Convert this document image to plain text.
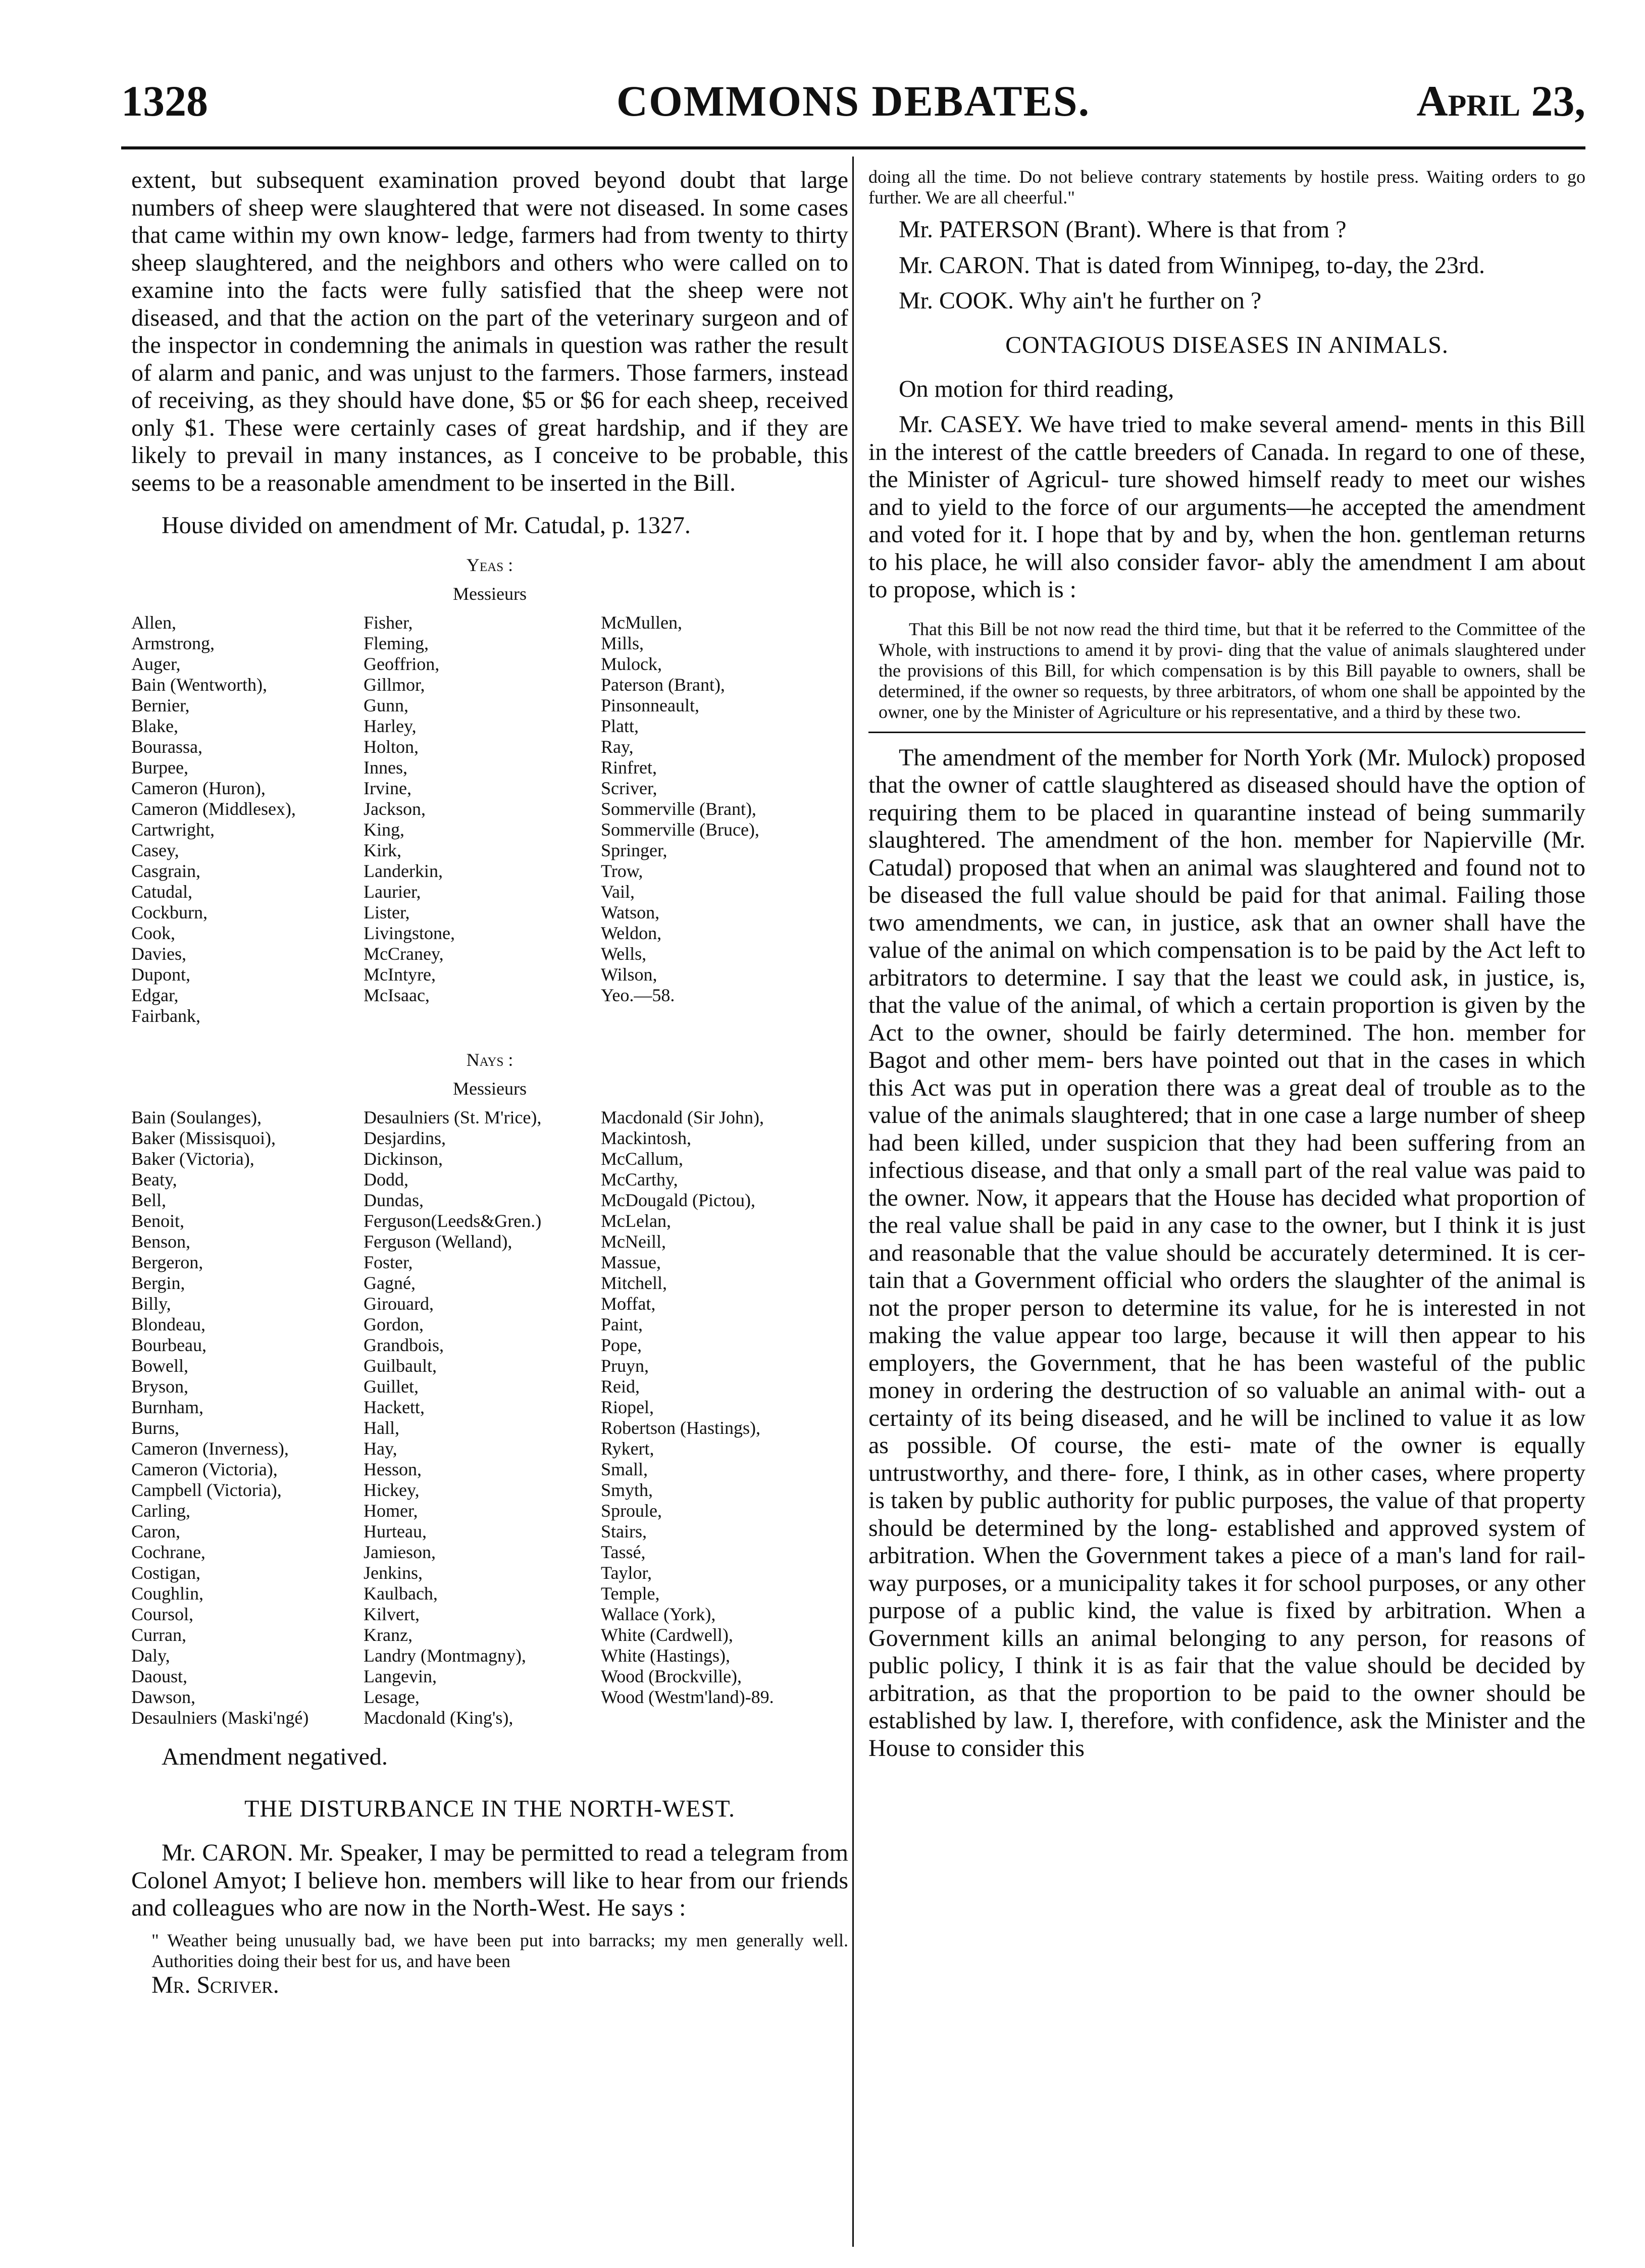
COMMONS DEBATES.
1328	April 23,

extent, but subsequent examination proved beyond doubt that large numbers of sheep were slaughtered that were not diseased. In some cases that came within my own know- ledge, farmers had from twenty to thirty sheep slaughtered, and the neighbors and others who were called on to examine into the facts were fully satisfied that the sheep were not diseased, and that the action on the part of the veterinary surgeon and of the inspector in condemning the animals in question was rather the result of alarm and panic, and was unjust to the farmers. Those farmers, instead of receiving, as they should have done, $5 or $6 for each sheep, received only $1. These were certainly cases of great hardship, and if they are likely to prevail in many instances, as I conceive to be probable, this seems to be a reasonable amendment to be inserted in the Bill.

House divided on amendment of Mr. Catudal, p. 1327.

Yeas :
Messieurs
Allen,
Armstrong,
Auger,
Bain (Wentworth),
Bernier,
Blake,
Bourassa,
Burpee,
Cameron (Huron),
Cameron (Middlesex),
Cartwright,
Casey,
Casgrain,
Catudal,
Cockburn,
Cook,
Davies,
Dupont,
Edgar,
Fairbank,
Fisher,
Fleming,
Geoffrion,
Gillmor,
Gunn,
Harley,
Holton,
Innes,
Irvine,
Jackson,
King,
Kirk,
Landerkin,
Laurier,
Lister,
Livingstone,
McCraney,
McIntyre,
McIsaac,
McMullen,
Mills,
Mulock,
Paterson (Brant),
Pinsonneault,
Platt,
Ray,
Rinfret,
Scriver,
Sommerville (Brant),
Sommerville (Bruce),
Springer,
Trow,
Vail,
Watson,
Weldon,
Wells,
Wilson,
Yeo.—58.
Nays :
Messieurs
Bain (Soulanges),
Baker (Missisquoi),
Baker (Victoria),
Beaty,
Bell,
Benoit,
Benson,
Bergeron,
Bergin,
Billy,
Blondeau,
Bourbeau,
Bowell,
Bryson,
Burnham,
Burns,
Cameron (Inverness),
Cameron (Victoria),
Campbell (Victoria),
Carling,
Caron,
Cochrane,
Costigan,
Coughlin,
Coursol,
Curran,
Daly,
Daoust,
Dawson,
Desaulniers (Maski'ngé)
Desaulniers (St. M'rice),
Desjardins,
Dickinson,
Dodd,
Dundas,
Ferguson(Leeds&Gren.)
Ferguson (Welland),
Foster,
Gagné,
Girouard,
Gordon,
Grandbois,
Guilbault,
Guillet,
Hackett,
Hall,
Hay,
Hesson,
Hickey,
Homer,
Hurteau,
Jamieson,
Jenkins,
Kaulbach,
Kilvert,
Kranz,
Landry (Montmagny),
Langevin,
Lesage,
Macdonald (King's),
Macdonald (Sir John),
Mackintosh,
McCallum,
McCarthy,
McDougald (Pictou),
McLelan,
McNeill,
Massue,
Mitchell,
Moffat,
Paint,
Pope,
Pruyn,
Reid,
Riopel,
Robertson (Hastings),
Rykert,
Small,
Smyth,
Sproule,
Stairs,
Tassé,
Taylor,
Temple,
Wallace (York),
White (Cardwell),
White (Hastings),
Wood (Brockville),
Wood (Westm'land)-89.

Amendment negatived.

THE DISTURBANCE IN THE NORTH-WEST.

Mr. CARON. Mr. Speaker, I may be permitted to read a telegram from Colonel Amyot; I believe hon. members will like to hear from our friends and colleagues who are now in the North-West. He says :

" Weather being unusually bad, we have been put into barracks; my men generally well. Authorities doing their best for us, and have been

Mr. Scriver.

doing all the time. Do not believe contrary statements by hostile press. Waiting orders to go further. We are all cheerful."

Mr. PATERSON (Brant). Where is that from ?

Mr. CARON. That is dated from Winnipeg, to-day, the 23rd.

Mr. COOK. Why ain't he further on ?

CONTAGIOUS DISEASES IN ANIMALS.

On motion for third reading,

Mr. CASEY. We have tried to make several amend- ments in this Bill in the interest of the cattle breeders of Canada. In regard to one of these, the Minister of Agricul- ture showed himself ready to meet our wishes and to yield to the force of our arguments—he accepted the amendment and voted for it. I hope that by and by, when the hon. gentleman returns to his place, he will also consider favor- ably the amendment I am about to propose, which is :

That this Bill be not now read the third time, but that it be referred to the Committee of the Whole, with instructions to amend it by provi- ding that the value of animals slaughtered under the provisions of this Bill, for which compensation is by this Bill payable to owners, shall be determined, if the owner so requests, by three arbitrators, of whom one shall be appointed by the owner, one by the Minister of Agriculture or his representative, and a third by these two.

The amendment of the member for North York (Mr. Mulock) proposed that the owner of cattle slaughtered as diseased should have the option of requiring them to be placed in quarantine instead of being summarily slaughtered. The amendment of the hon. member for Napierville (Mr. Catudal) proposed that when an animal was slaughtered and found not to be diseased the full value should be paid for that animal. Failing those two amendments, we can, in justice, ask that an owner shall have the value of the animal on which compensation is to be paid by the Act left to arbitrators to determine. I say that the least we could ask, in justice, is, that the value of the animal, of which a certain proportion is given by the Act to the owner, should be fairly determined. The hon. member for Bagot and other mem- bers have pointed out that in the cases in which this Act was put in operation there was a great deal of trouble as to the value of the animals slaughtered; that in one case a large number of sheep had been killed, under suspicion that they had been suffering from an infectious disease, and that only a small part of the real value was paid to the owner. Now, it appears that the House has decided what proportion of the real value shall be paid in any case to the owner, but I think it is just and reasonable that the value should be accurately determined. It is cer- tain that a Government official who orders the slaughter of the animal is not the proper person to determine its value, for he is interested in not making the value appear too large, because it will then appear to his employers, the Government, that he has been wasteful of the public money in ordering the destruction of so valuable an animal with- out a certainty of its being diseased, and he will be inclined to value it as low as possible. Of course, the esti- mate of the owner is equally untrustworthy, and there- fore, I think, as in other cases, where property is taken by public authority for public purposes, the value of that property should be determined by the long- established and approved system of arbitration. When the Government takes a piece of a man's land for rail- way purposes, or a municipality takes it for school purposes, or any other purpose of a public kind, the value is fixed by arbitration. When a Government kills an animal belonging to any person, for reasons of public policy, I think it is as fair that the value should be decided by arbitration, as that the proportion to be paid to the owner should be established by law. I, therefore, with confidence, ask the Minister and the House to consider this
